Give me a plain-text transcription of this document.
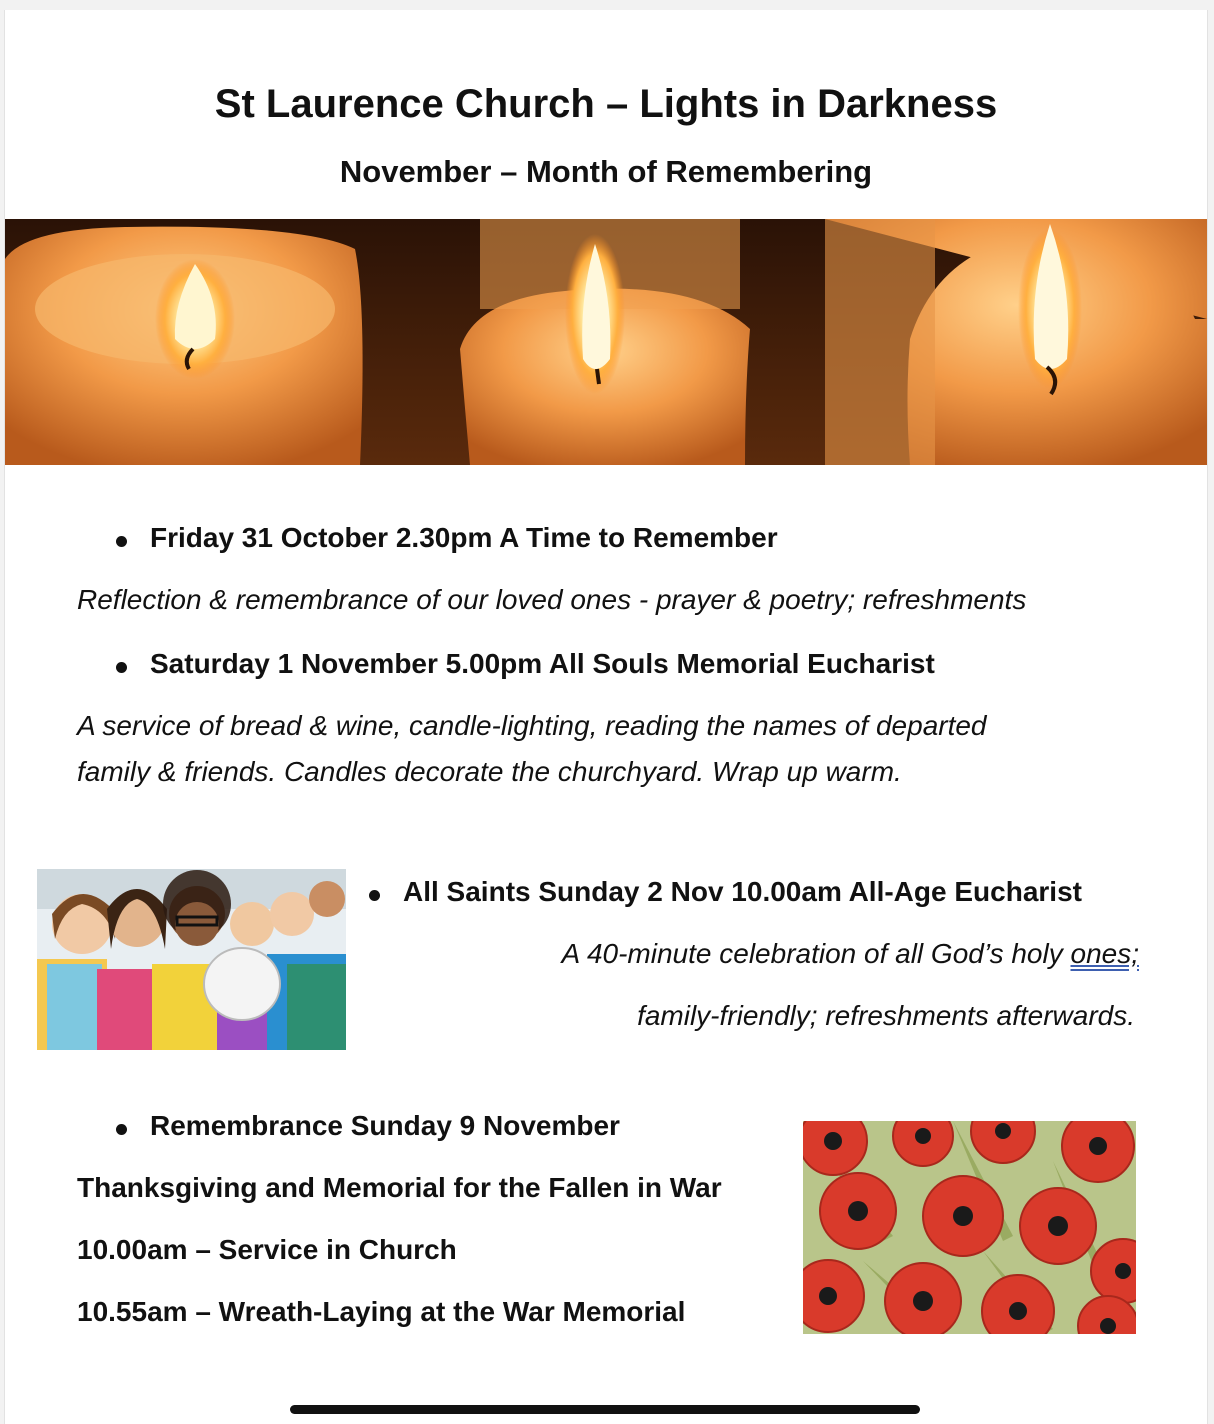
St Laurence Church – Lights in Darkness
November – Month of Remembering
Friday 31 October 2.30pm A Time to Remember
Reflection & remembrance of our loved ones - prayer & poetry; refreshments
Saturday 1 November 5.00pm All Souls Memorial Eucharist
A service of bread & wine, candle-lighting, reading the names of departed
family & friends. Candles decorate the churchyard. Wrap up warm.
All Saints Sunday 2 Nov 10.00am All-Age Eucharist
A 40-minute celebration of all God’s holy ones;
family-friendly; refreshments afterwards.
Remembrance Sunday 9 November
Thanksgiving and Memorial for the Fallen in War
10.00am – Service in Church
10.55am – Wreath-Laying at the War Memorial
